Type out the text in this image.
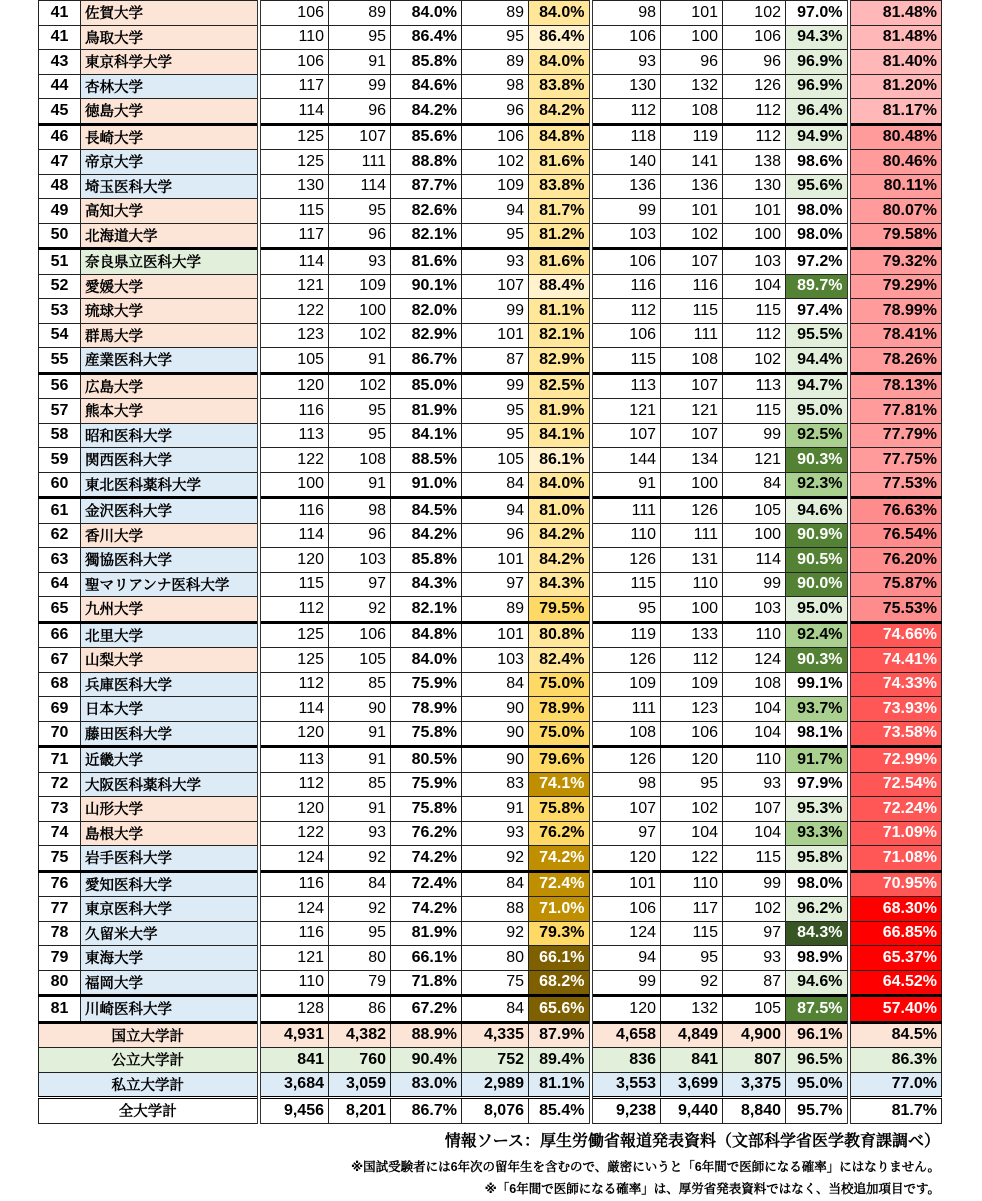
41	佐賀大学	106	89	84.0%	89	84.0%	98	101	102	97.0%	81.48%
41	鳥取大学	110	95	86.4%	95	86.4%	106	100	106	94.3%	81.48%
43	東京科学大学	106	91	85.8%	89	84.0%	93	96	96	96.9%	81.40%
44	杏林大学	117	99	84.6%	98	83.8%	130	132	126	96.9%	81.20%
45	徳島大学	114	96	84.2%	96	84.2%	112	108	112	96.4%	81.17%
46	長崎大学	125	107	85.6%	106	84.8%	118	119	112	94.9%	80.48%
47	帝京大学	125	111	88.8%	102	81.6%	140	141	138	98.6%	80.46%
48	埼玉医科大学	130	114	87.7%	109	83.8%	136	136	130	95.6%	80.11%
49	高知大学	115	95	82.6%	94	81.7%	99	101	101	98.0%	80.07%
50	北海道大学	117	96	82.1%	95	81.2%	103	102	100	98.0%	79.58%
51	奈良県立医科大学	114	93	81.6%	93	81.6%	106	107	103	97.2%	79.32%
52	愛媛大学	121	109	90.1%	107	88.4%	116	116	104	89.7%	79.29%
53	琉球大学	122	100	82.0%	99	81.1%	112	115	115	97.4%	78.99%
54	群馬大学	123	102	82.9%	101	82.1%	106	111	112	95.5%	78.41%
55	産業医科大学	105	91	86.7%	87	82.9%	115	108	102	94.4%	78.26%
56	広島大学	120	102	85.0%	99	82.5%	113	107	113	94.7%	78.13%
57	熊本大学	116	95	81.9%	95	81.9%	121	121	115	95.0%	77.81%
58	昭和医科大学	113	95	84.1%	95	84.1%	107	107	99	92.5%	77.79%
59	関西医科大学	122	108	88.5%	105	86.1%	144	134	121	90.3%	77.75%
60	東北医科薬科大学	100	91	91.0%	84	84.0%	91	100	84	92.3%	77.53%
61	金沢医科大学	116	98	84.5%	94	81.0%	111	126	105	94.6%	76.63%
62	香川大学	114	96	84.2%	96	84.2%	110	111	100	90.9%	76.54%
63	獨協医科大学	120	103	85.8%	101	84.2%	126	131	114	90.5%	76.20%
64	聖マリアンナ医科大学	115	97	84.3%	97	84.3%	115	110	99	90.0%	75.87%
65	九州大学	112	92	82.1%	89	79.5%	95	100	103	95.0%	75.53%
66	北里大学	125	106	84.8%	101	80.8%	119	133	110	92.4%	74.66%
67	山梨大学	125	105	84.0%	103	82.4%	126	112	124	90.3%	74.41%
68	兵庫医科大学	112	85	75.9%	84	75.0%	109	109	108	99.1%	74.33%
69	日本大学	114	90	78.9%	90	78.9%	111	123	104	93.7%	73.93%
70	藤田医科大学	120	91	75.8%	90	75.0%	108	106	104	98.1%	73.58%
71	近畿大学	113	91	80.5%	90	79.6%	126	120	110	91.7%	72.99%
72	大阪医科薬科大学	112	85	75.9%	83	74.1%	98	95	93	97.9%	72.54%
73	山形大学	120	91	75.8%	91	75.8%	107	102	107	95.3%	72.24%
74	島根大学	122	93	76.2%	93	76.2%	97	104	104	93.3%	71.09%
75	岩手医科大学	124	92	74.2%	92	74.2%	120	122	115	95.8%	71.08%
76	愛知医科大学	116	84	72.4%	84	72.4%	101	110	99	98.0%	70.95%
77	東京医科大学	124	92	74.2%	88	71.0%	106	117	102	96.2%	68.30%
78	久留米大学	116	95	81.9%	92	79.3%	124	115	97	84.3%	66.85%
79	東海大学	121	80	66.1%	80	66.1%	94	95	93	98.9%	65.37%
80	福岡大学	110	79	71.8%	75	68.2%	99	92	87	94.6%	64.52%
81	川崎医科大学	128	86	67.2%	84	65.6%	120	132	105	87.5%	57.40%
国立大学計		4,931	4,382	88.9%	4,335	87.9%	4,658	4,849	4,900	96.1%	84.5%
公立大学計		841	760	90.4%	752	89.4%	836	841	807	96.5%	86.3%
私立大学計		3,684	3,059	83.0%	2,989	81.1%	3,553	3,699	3,375	95.0%	77.0%
全大学計		9,456	8,201	86.7%	8,076	85.4%	9,238	9,440	8,840	95.7%	81.7%
情報ソース：厚生労働省報道発表資料（文部科学省医学教育課調べ）
※国試受験者には6年次の留年生を含むので、厳密にいうと「6年間で医師になる確率」にはなりません。
※「6年間で医師になる確率」は、厚労省発表資料ではなく、当校追加項目です。
